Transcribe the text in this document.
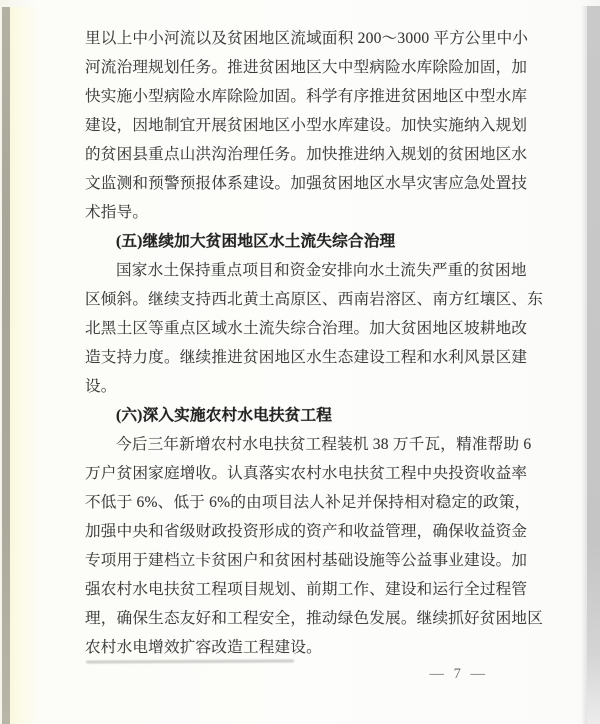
里以上中小河流以及贫困地区流域面积 200～3000 平方公里中小
河流治理规划任务。推进贫困地区大中型病险水库除险加固，加
快实施小型病险水库除险加固。科学有序推进贫困地区中型水库
建设，因地制宜开展贫困地区小型水库建设。加快实施纳入规划
的贫困县重点山洪沟治理任务。加快推进纳入规划的贫困地区水
文监测和预警预报体系建设。加强贫困地区水旱灾害应急处置技
术指导。
(五)继续加大贫困地区水土流失综合治理
国家水土保持重点项目和资金安排向水土流失严重的贫困地
区倾斜。继续支持西北黄土高原区、西南岩溶区、南方红壤区、东
北黑土区等重点区域水土流失综合治理。加大贫困地区坡耕地改
造支持力度。继续推进贫困地区水生态建设工程和水利风景区建
设。
(六)深入实施农村水电扶贫工程
今后三年新增农村水电扶贫工程装机 38 万千瓦，精准帮助 6
万户贫困家庭增收。认真落实农村水电扶贫工程中央投资收益率
不低于 6%、低于 6%的由项目法人补足并保持相对稳定的政策，
加强中央和省级财政投资形成的资产和收益管理，确保收益资金
专项用于建档立卡贫困户和贫困村基础设施等公益事业建设。加
强农村水电扶贫工程项目规划、前期工作、建设和运行全过程管
理，确保生态友好和工程安全，推动绿色发展。继续抓好贫困地区
农村水电增效扩容改造工程建设。
— 7 —
